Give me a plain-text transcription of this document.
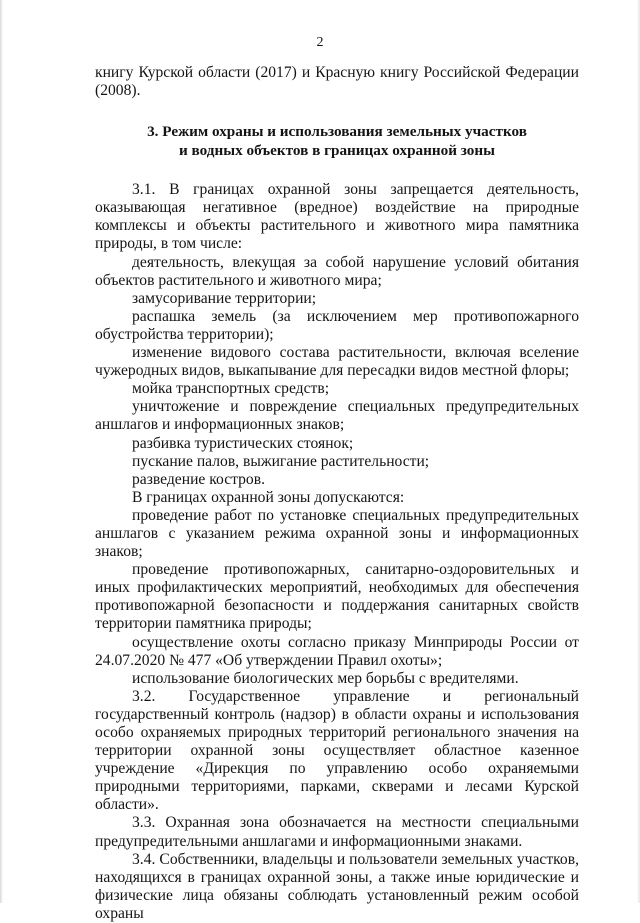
2

книгу Курской области (2017) и Красную книгу Российской Федерации (2008).

3. Режим охраны и использования земельных участков
и водных объектов в границах охранной зоны

3.1. В границах охранной зоны запрещается деятельность, оказывающая негативное (вредное) воздействие на природные комплексы и объекты растительного и животного мира памятника природы, в том числе:

деятельность, влекущая за собой нарушение условий обитания объектов растительного и животного мира;

замусоривание территории;

распашка земель (за исключением мер противопожарного обустройства территории);

изменение видового состава растительности, включая вселение чужеродных видов, выкапывание для пересадки видов местной флоры;

мойка транспортных средств;

уничтожение и повреждение специальных предупредительных аншлагов и информационных знаков;

разбивка туристических стоянок;

пускание палов, выжигание растительности;

разведение костров.

В границах охранной зоны допускаются:

проведение работ по установке специальных предупредительных аншлагов с указанием режима охранной зоны и информационных знаков;

проведение противопожарных, санитарно-оздоровительных и иных профилактических мероприятий, необходимых для обеспечения противопожарной безопасности и поддержания санитарных свойств территории памятника природы;

осуществление охоты согласно приказу Минприроды России от 24.07.2020 № 477 «Об утверждении Правил охоты»;

использование биологических мер борьбы с вредителями.

3.2. Государственное управление и региональный государственный контроль (надзор) в области охраны и использования особо охраняемых природных территорий регионального значения на территории охранной зоны осуществляет областное казенное учреждение «Дирекция по управлению особо охраняемыми природными территориями, парками, скверами и лесами Курской области».

3.3. Охранная зона обозначается на местности специальными предупредительными аншлагами и информационными знаками.

3.4. Собственники, владельцы и пользователи земельных участков, находящихся в границах охранной зоны, а также иные юридические и физические лица обязаны соблюдать установленный режим особой охраны
